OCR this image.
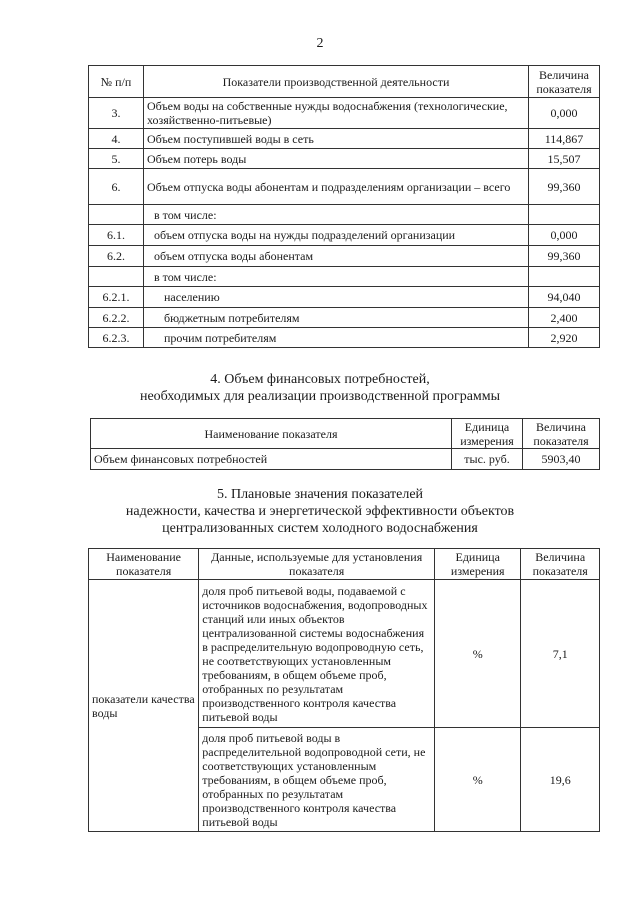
2
№ п/п	Показатели производственной деятельности	Величина показателя
3.	Объем воды на собственные нужды водоснабжения (технологические, хозяйственно-питьевые)	0,000
4.	Объем поступившей воды в сеть	114,867
5.	Объем потерь воды	15,507
6.	Объем отпуска воды абонентам и подразделениям организации – всего	99,360
	в том числе:	
6.1.	объем отпуска воды на нужды подразделений организации	0,000
6.2.	объем отпуска воды абонентам	99,360
	в том числе:	
6.2.1.	населению	94,040
6.2.2.	бюджетным потребителям	2,400
6.2.3.	прочим потребителям	2,920
4. Объем финансовых потребностей,
необходимых для реализации производственной программы
Наименование показателя	Единица измерения	Величина показателя
Объем финансовых потребностей	тыс. руб.	5903,40
5. Плановые значения показателей
надежности, качества и энергетической эффективности объектов
централизованных систем холодного водоснабжения
Наименование показателя	Данные, используемые для установления показателя	Единица измерения	Величина показателя
показатели качества воды	доля проб питьевой воды, подаваемой с источников водоснабжения, водопроводных станций или иных объектов централизованной системы водоснабжения в распределительную водопроводную сеть, не соответствующих установленным требованиям, в общем объеме проб, отобранных по результатам производственного контроля качества питьевой воды	%	7,1
	доля проб питьевой воды в распределительной водопроводной сети, не соответствующих установленным требованиям, в общем объеме проб, отобранных по результатам производственного контроля качества питьевой воды	%	19,6
